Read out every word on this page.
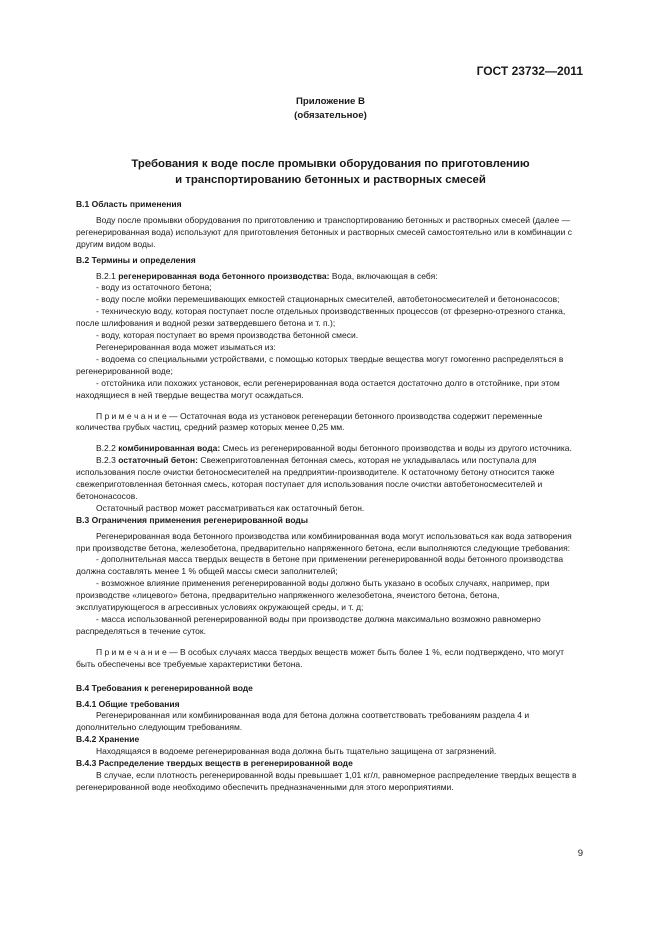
ГОСТ 23732—2011
Приложение В
(обязательное)
Требования к воде после промывки оборудования по приготовлению
и транспортированию бетонных и растворных смесей

В.1 Область применения

Воду после промывки оборудования по приготовлению и транспортированию бетонных и растворных смесей (далее — регенерированная вода) используют для приготовления бетонных и растворных смесей самостоятельно или в комбинации с другим видом воды.

В.2 Термины и определения

В.2.1 регенерированная вода бетонного производства: Вода, включающая в себя:

- воду из остаточного бетона;

- воду после мойки перемешивающих емкостей стационарных смесителей, автобетоносмесителей и бетононасосов;

- техническую воду, которая поступает после отдельных производственных процессов (от фрезерно-отрезного станка, после шлифования и водной резки затвердевшего бетона и т. п.);

- воду, которая поступает во время производства бетонной смеси.

Регенерированная вода может изыматься из:

- водоема со специальными устройствами, с помощью которых твердые вещества могут гомогенно распределяться в регенерированной воде;

- отстойника или похожих установок, если регенерированная вода остается достаточно долго в отстойнике, при этом находящиеся в ней твердые вещества могут осаждаться.

П р и м е ч а н и е — Остаточная вода из установок регенерации бетонного производства содержит переменные количества грубых частиц, средний размер которых менее 0,25 мм.

В.2.2 комбинированная вода: Смесь из регенерированной воды бетонного производства и воды из другого источника.

В.2.3 остаточный бетон: Свежеприготовленная бетонная смесь, которая не укладывалась или поступала для использования после очистки бетоносмесителей на предприятии-производителе. К остаточному бетону относится также свежеприготовленная бетонная смесь, которая поступает для использования после очистки автобетоносмесителей и бетононасосов.

Остаточный раствор может рассматриваться как остаточный бетон.

В.3 Ограничения применения регенерированной воды

Регенерированная вода бетонного производства или комбинированная вода могут использоваться как вода затворения при производстве бетона, железобетона, предварительно напряженного бетона, если выполняются следующие требования:

- дополнительная масса твердых веществ в бетоне при применении регенерированной воды бетонного производства должна составлять менее 1 % общей массы смеси заполнителей;

- возможное влияние применения регенерированной воды должно быть указано в особых случаях, например, при производстве «лицевого» бетона, предварительно напряженного железобетона, ячеистого бетона, бетона, эксплуатирующегося в агрессивных условиях окружающей среды, и т. д;

- масса использованной регенерированной воды при производстве должна максимально возможно равномерно распределяться в течение суток.

П р и м е ч а н и е — В особых случаях масса твердых веществ может быть более 1 %, если подтверждено, что могут быть обеспечены все требуемые характеристики бетона.

В.4 Требования к регенерированной воде

В.4.1 Общие требования

Регенерированная или комбинированная вода для бетона должна соответствовать требованиям раздела 4 и дополнительно следующим требованиям.

В.4.2 Хранение

Находящаяся в водоеме регенерированная вода должна быть тщательно защищена от загрязнений.

В.4.3 Распределение твердых веществ в регенерированной воде

В случае, если плотность регенерированной воды превышает 1,01 кг/л, равномерное распределение твердых веществ в регенерированной воде необходимо обеспечить предназначенными для этого мероприятиями.

9
